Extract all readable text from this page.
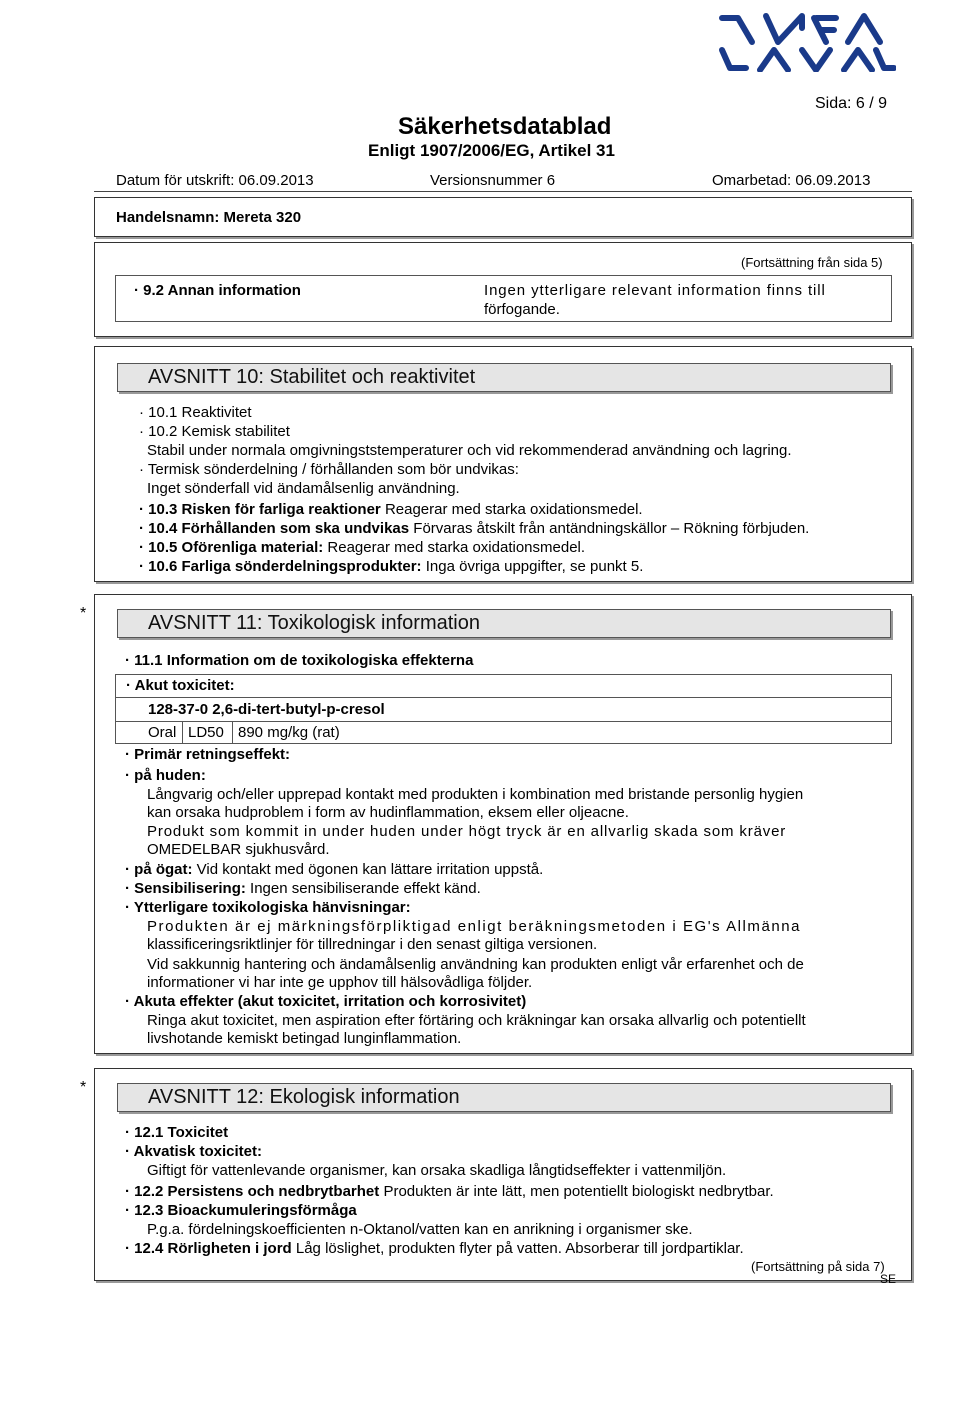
Sida: 6 / 9
Säkerhetsdatablad
Enligt 1907/2006/EG, Artikel 31
Datum för utskrift: 06.09.2013	Versionsnummer 6	Omarbetad: 06.09.2013
Handelsnamn: Mereta 320
(Fortsättning från sida 5)
· 9.2 Annan information	Ingen ytterligare relevant information finns till
förfogande.
AVSNITT 10: Stabilitet och reaktivitet
· 10.1 Reaktivitet
· 10.2 Kemisk stabilitet
Stabil under normala omgivningststemperaturer och vid rekommenderad användning och lagring.
· Termisk sönderdelning / förhållanden som bör undvikas:
Inget sönderfall vid ändamålsenlig användning.
· 10.3 Risken för farliga reaktioner Reagerar med starka oxidationsmedel.
· 10.4 Förhållanden som ska undvikas Förvaras åtskilt från antändningskällor – Rökning förbjuden.
· 10.5 Oförenliga material: Reagerar med starka oxidationsmedel.
· 10.6 Farliga sönderdelningsprodukter: Inga övriga uppgifter, se punkt 5.
*	AVSNITT 11: Toxikologisk information
· 11.1 Information om de toxikologiska effekterna
· Akut toxicitet:
128-37-0 2,6-di-tert-butyl-p-cresol
Oral LD50 890 mg/kg (rat)
· Primär retningseffekt:
· på huden:
Långvarig och/eller upprepad kontakt med produkten i kombination med bristande personlig hygien
kan orsaka hudproblem i form av hudinflammation, eksem eller oljeacne.
Produkt som kommit in under huden under högt tryck är en allvarlig skada som kräver
OMEDELBAR sjukhusvård.
· på ögat: Vid kontakt med ögonen kan lättare irritation uppstå.
· Sensibilisering: Ingen sensibiliserande effekt känd.
· Ytterligare toxikologiska hänvisningar:
Produkten är ej märkningsförpliktigad enligt beräkningsmetoden i EG's Allmänna
klassificeringsriktlinjer för tillredningar i den senast giltiga versionen.
Vid sakkunnig hantering och ändamålsenlig användning kan produkten enligt vår erfarenhet och de
informationer vi har inte ge upphov till hälsovådliga följder.
· Akuta effekter (akut toxicitet, irritation och korrosivitet)
Ringa akut toxicitet, men aspiration efter förtäring och kräkningar kan orsaka allvarlig och potentiellt
livshotande kemiskt betingad lunginflammation.
*	AVSNITT 12: Ekologisk information
· 12.1 Toxicitet
· Akvatisk toxicitet:
Giftigt för vattenlevande organismer, kan orsaka skadliga långtidseffekter i vattenmiljön.
· 12.2 Persistens och nedbrytbarhet Produkten är inte lätt, men potentiellt biologiskt nedbrytbar.
· 12.3 Bioackumuleringsförmåga
P.g.a. fördelningskoefficienten n-Oktanol/vatten kan en anrikning i organismer ske.
· 12.4 Rörligheten i jord Låg löslighet, produkten flyter på vatten. Absorberar till jordpartiklar.
(Fortsättning på sida 7)
SE
